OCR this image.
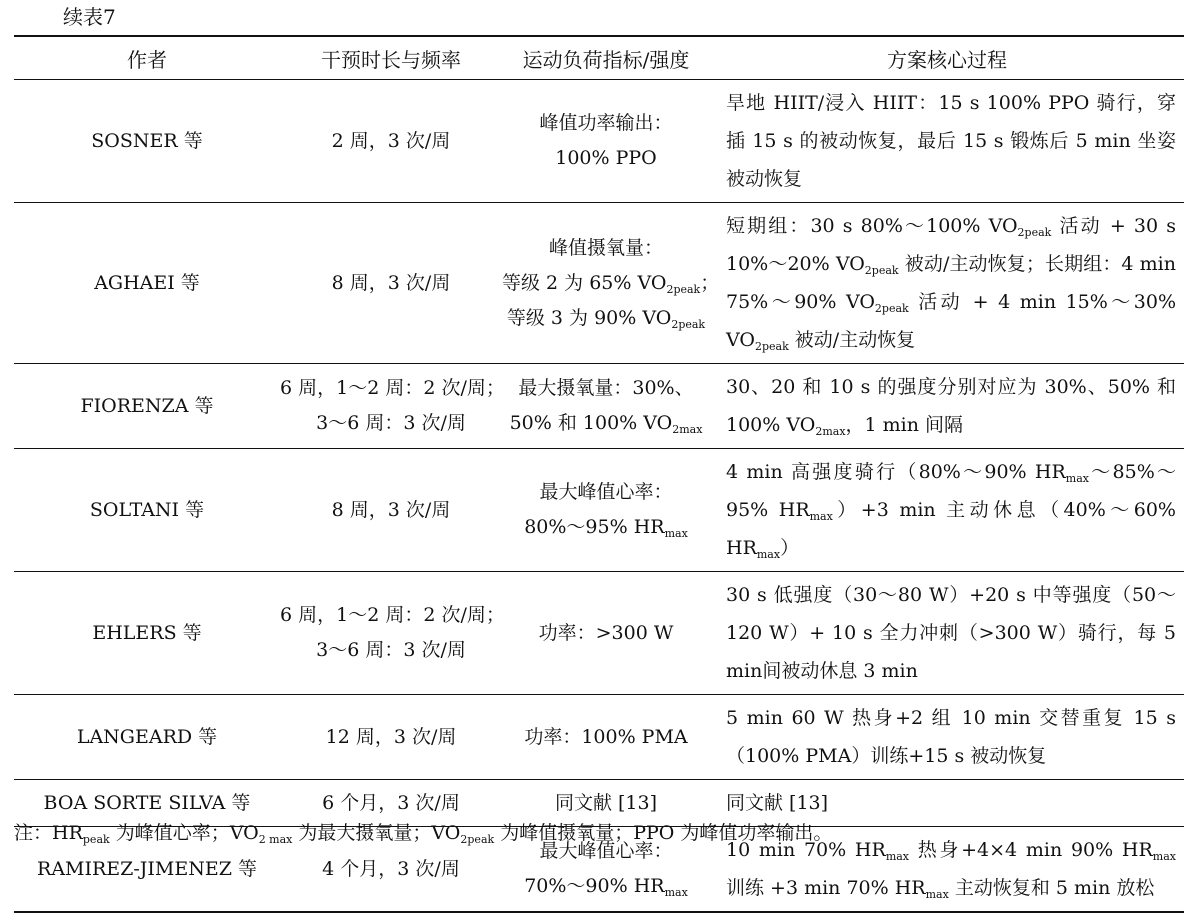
续表7
作者	干预时长与频率	运动负荷指标/强度	方案核心过程
SOSNER 等	2 周，3 次/周	峰值功率输出：
100% PPO	旱地 HIIT/浸入 HIIT：15 s 100% PPO 骑行，穿插 15 s 的被动恢复，最后 15 s 锻炼后 5 min 坐姿被动恢复
AGHAEI 等	8 周，3 次/周	峰值摄氧量：
等级 2 为 65% $VO_{2peak}$；
等级 3 为 90% $VO_{2peak}$	短期组：30 s 80%～100% $VO_{2peak}$ 活动 + 30 s 10%～20% $VO_{2peak}$ 被动/主动恢复；长期组：4 min 75%～90% $VO_{2peak}$ 活动 + 4 min 15%～30% $VO_{2peak}$ 被动/主动恢复
FIORENZA 等	6 周，1～2 周：2 次/周；
3～6 周：3 次/周	最大摄氧量：30%、
50% 和 100% $VO_{2max}$	30、20 和 10 s 的强度分别对应为 30%、50% 和 100% $VO_{2max}$，1 min 间隔
SOLTANI 等	8 周，3 次/周	最大峰值心率：
80%～95% $HR_{max}$	4 min 高强度骑行（80%～90% $HR_{max}\sim 85\%\sim 95\%$ $HR_{max})+3$ min 主动休息（40%～60% $HR_{max}$）
EHLERS 等	6 周，1～2 周：2 次/周；
3～6 周：3 次/周	功率：>300 W	30 s 低强度（30～80 W）+20 s 中等强度（50～120 W）+ 10 s 全力冲刺（>300 W）骑行，每 5 min间被动休息 3 min
LANGEARD 等	12 周，3 次/周	功率：100% PMA	5 min 60 W 热身+2 组 10 min 交替重复 15 s （100% PMA）训练+15 s 被动恢复
BOA SORTE SILVA 等	6 个月，3 次/周	同文献 [13]	同文献 [13]
RAMIREZ-JIMENEZ 等	4 个月，3 次/周	最大峰值心率：
70%～90% $HR_{max}$	10 min 70% $HR_{max}$ 热身+4×4 min 90% $HR_{max}$ 训练 +3 min 70% $HR_{max}$ 主动恢复和 5 min 放松
注：$HR_{peak}$ 为峰值心率；$VO_{2 max}$ 为最大摄氧量；$VO_{2peak}$ 为峰值摄氧量；PPO 为峰值功率输出。
